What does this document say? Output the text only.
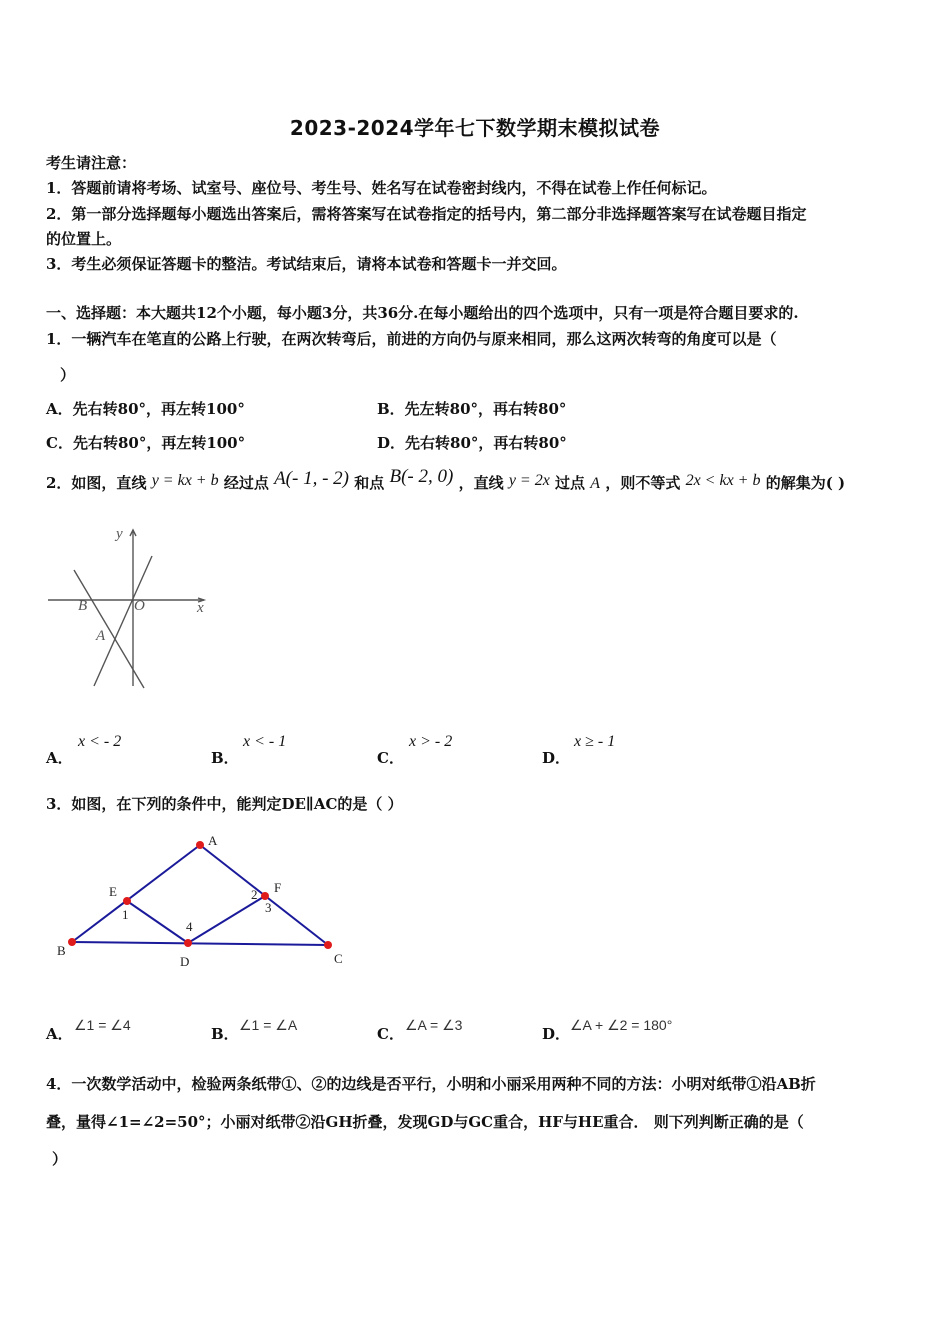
2023-2024学年七下数学期末模拟试卷
考生请注意：
1．答题前请将考场、试室号、座位号、考生号、姓名写在试卷密封线内，不得在试卷上作任何标记。
2．第一部分选择题每小题选出答案后，需将答案写在试卷指定的括号内，第二部分非选择题答案写在试卷题目指定
的位置上。
3．考生必须保证答题卡的整洁。考试结束后，请将本试卷和答题卡一并交回。
一、选择题：本大题共12个小题，每小题3分，共36分.在每小题给出的四个选项中，只有一项是符合题目要求的.
1．一辆汽车在笔直的公路上行驶，在两次转弯后，前进的方向仍与原来相同，那么这两次转弯的角度可以是（
）
A．先右转80°，再左转100°	B．先左转80°，再右转80°
C．先右转80°，再左转100°	D．先右转80°，再右转80°
2．如图，直线 y = kx + b 经过点 A(- 1, - 2) 和点 B(- 2, 0) ，直线 y = 2x 过点 A ，则不等式 2x < kx + b 的解集为( )
y
x
O
B
A
A．
x < - 2
B．
x < - 1
C．
x > - 2
D．
x ≥ - 1
3．如图，在下列的条件中，能判定DE∥AC的是（ ）
A
B
C
D
E	F
1
2
3
4
A． ∠1 = ∠4	B． ∠1 = ∠A	C． ∠A = ∠3	D． ∠A + ∠2 = 180°
4．一次数学活动中，检验两条纸带①、②的边线是否平行，小明和小丽采用两种不同的方法：小明对纸带①沿AB折
叠，量得∠1=∠2=50°；小丽对纸带②沿GH折叠，发现GD与GC重合，HF与HE重合． 则下列判断正确的是（
）
